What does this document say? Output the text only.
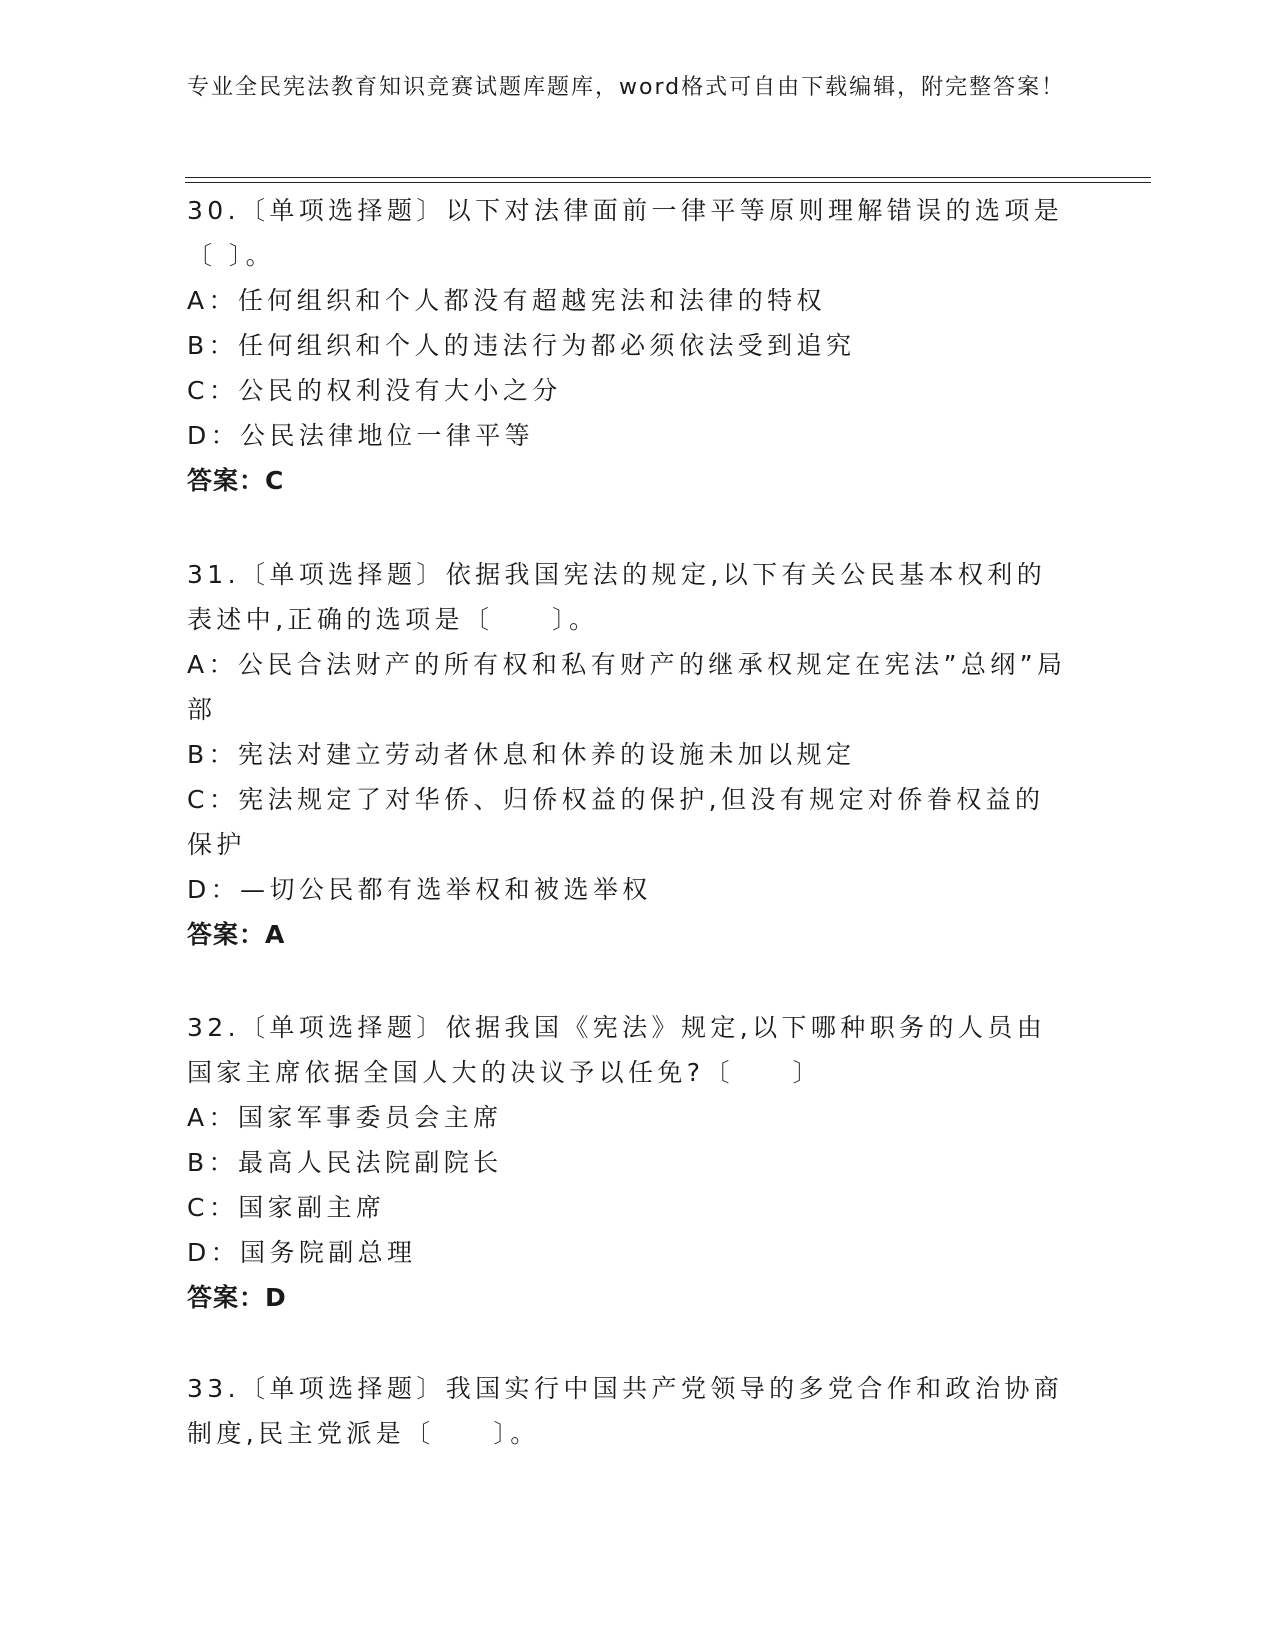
专业全民宪法教育知识竞赛试题库题库，word格式可自由下载编辑，附完整答案！

30.〔单项选择题〕以下对法律面前一律平等原则理解错误的选项是〔 〕。

A：任何组织和个人都没有超越宪法和法律的特权

B：任何组织和个人的违法行为都必须依法受到追究

C：公民的权利没有大小之分

D：公民法律地位一律平等

答案：C

31.〔单项选择题〕依据我国宪法的规定,以下有关公民基本权利的表述中,正确的选项是〔　　〕。

A：公民合法财产的所有权和私有财产的继承权规定在宪法”总纲”局部

B：宪法对建立劳动者休息和休养的设施未加以规定

C：宪法规定了对华侨、归侨权益的保护,但没有规定对侨眷权益的保护

D：—切公民都有选举权和被选举权

答案：A

32.〔单项选择题〕依据我国《宪法》规定,以下哪种职务的人员由国家主席依据全国人大的决议予以任免?〔　　〕

A：国家军事委员会主席

B：最高人民法院副院长

C：国家副主席

D：国务院副总理

答案：D

33.〔单项选择题〕我国实行中国共产党领导的多党合作和政治协商制度,民主党派是〔　　〕。
